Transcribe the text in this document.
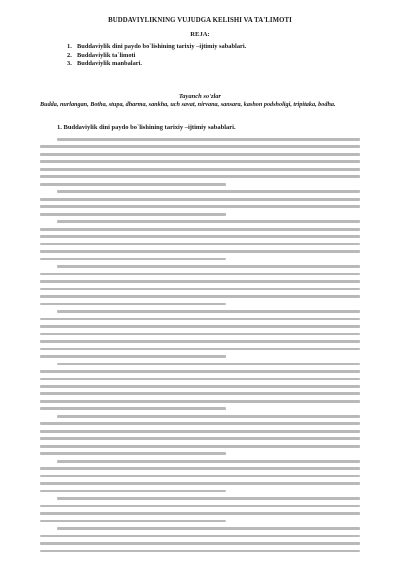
BUDDAVIYLIKNING VUJUDGA KELISHI VA TA'LIMOTI
REJA:
1. Buddaviylik dini paydo bo`lishining tarixiy –ijtimiy sabablari.
2. Buddaviylik ta`limoti
3. Buddaviylik manbalari.
Tayanch so'zlar
Budda, nurlangan, Botha, stupa, dharma, sankha, uch savat, nirvana, sansara, kashon podsholigi, tripitaka, bodha.
1. Buddaviylik dini paydo bo`lishining tarixiy –ijtimiy sabablari.
